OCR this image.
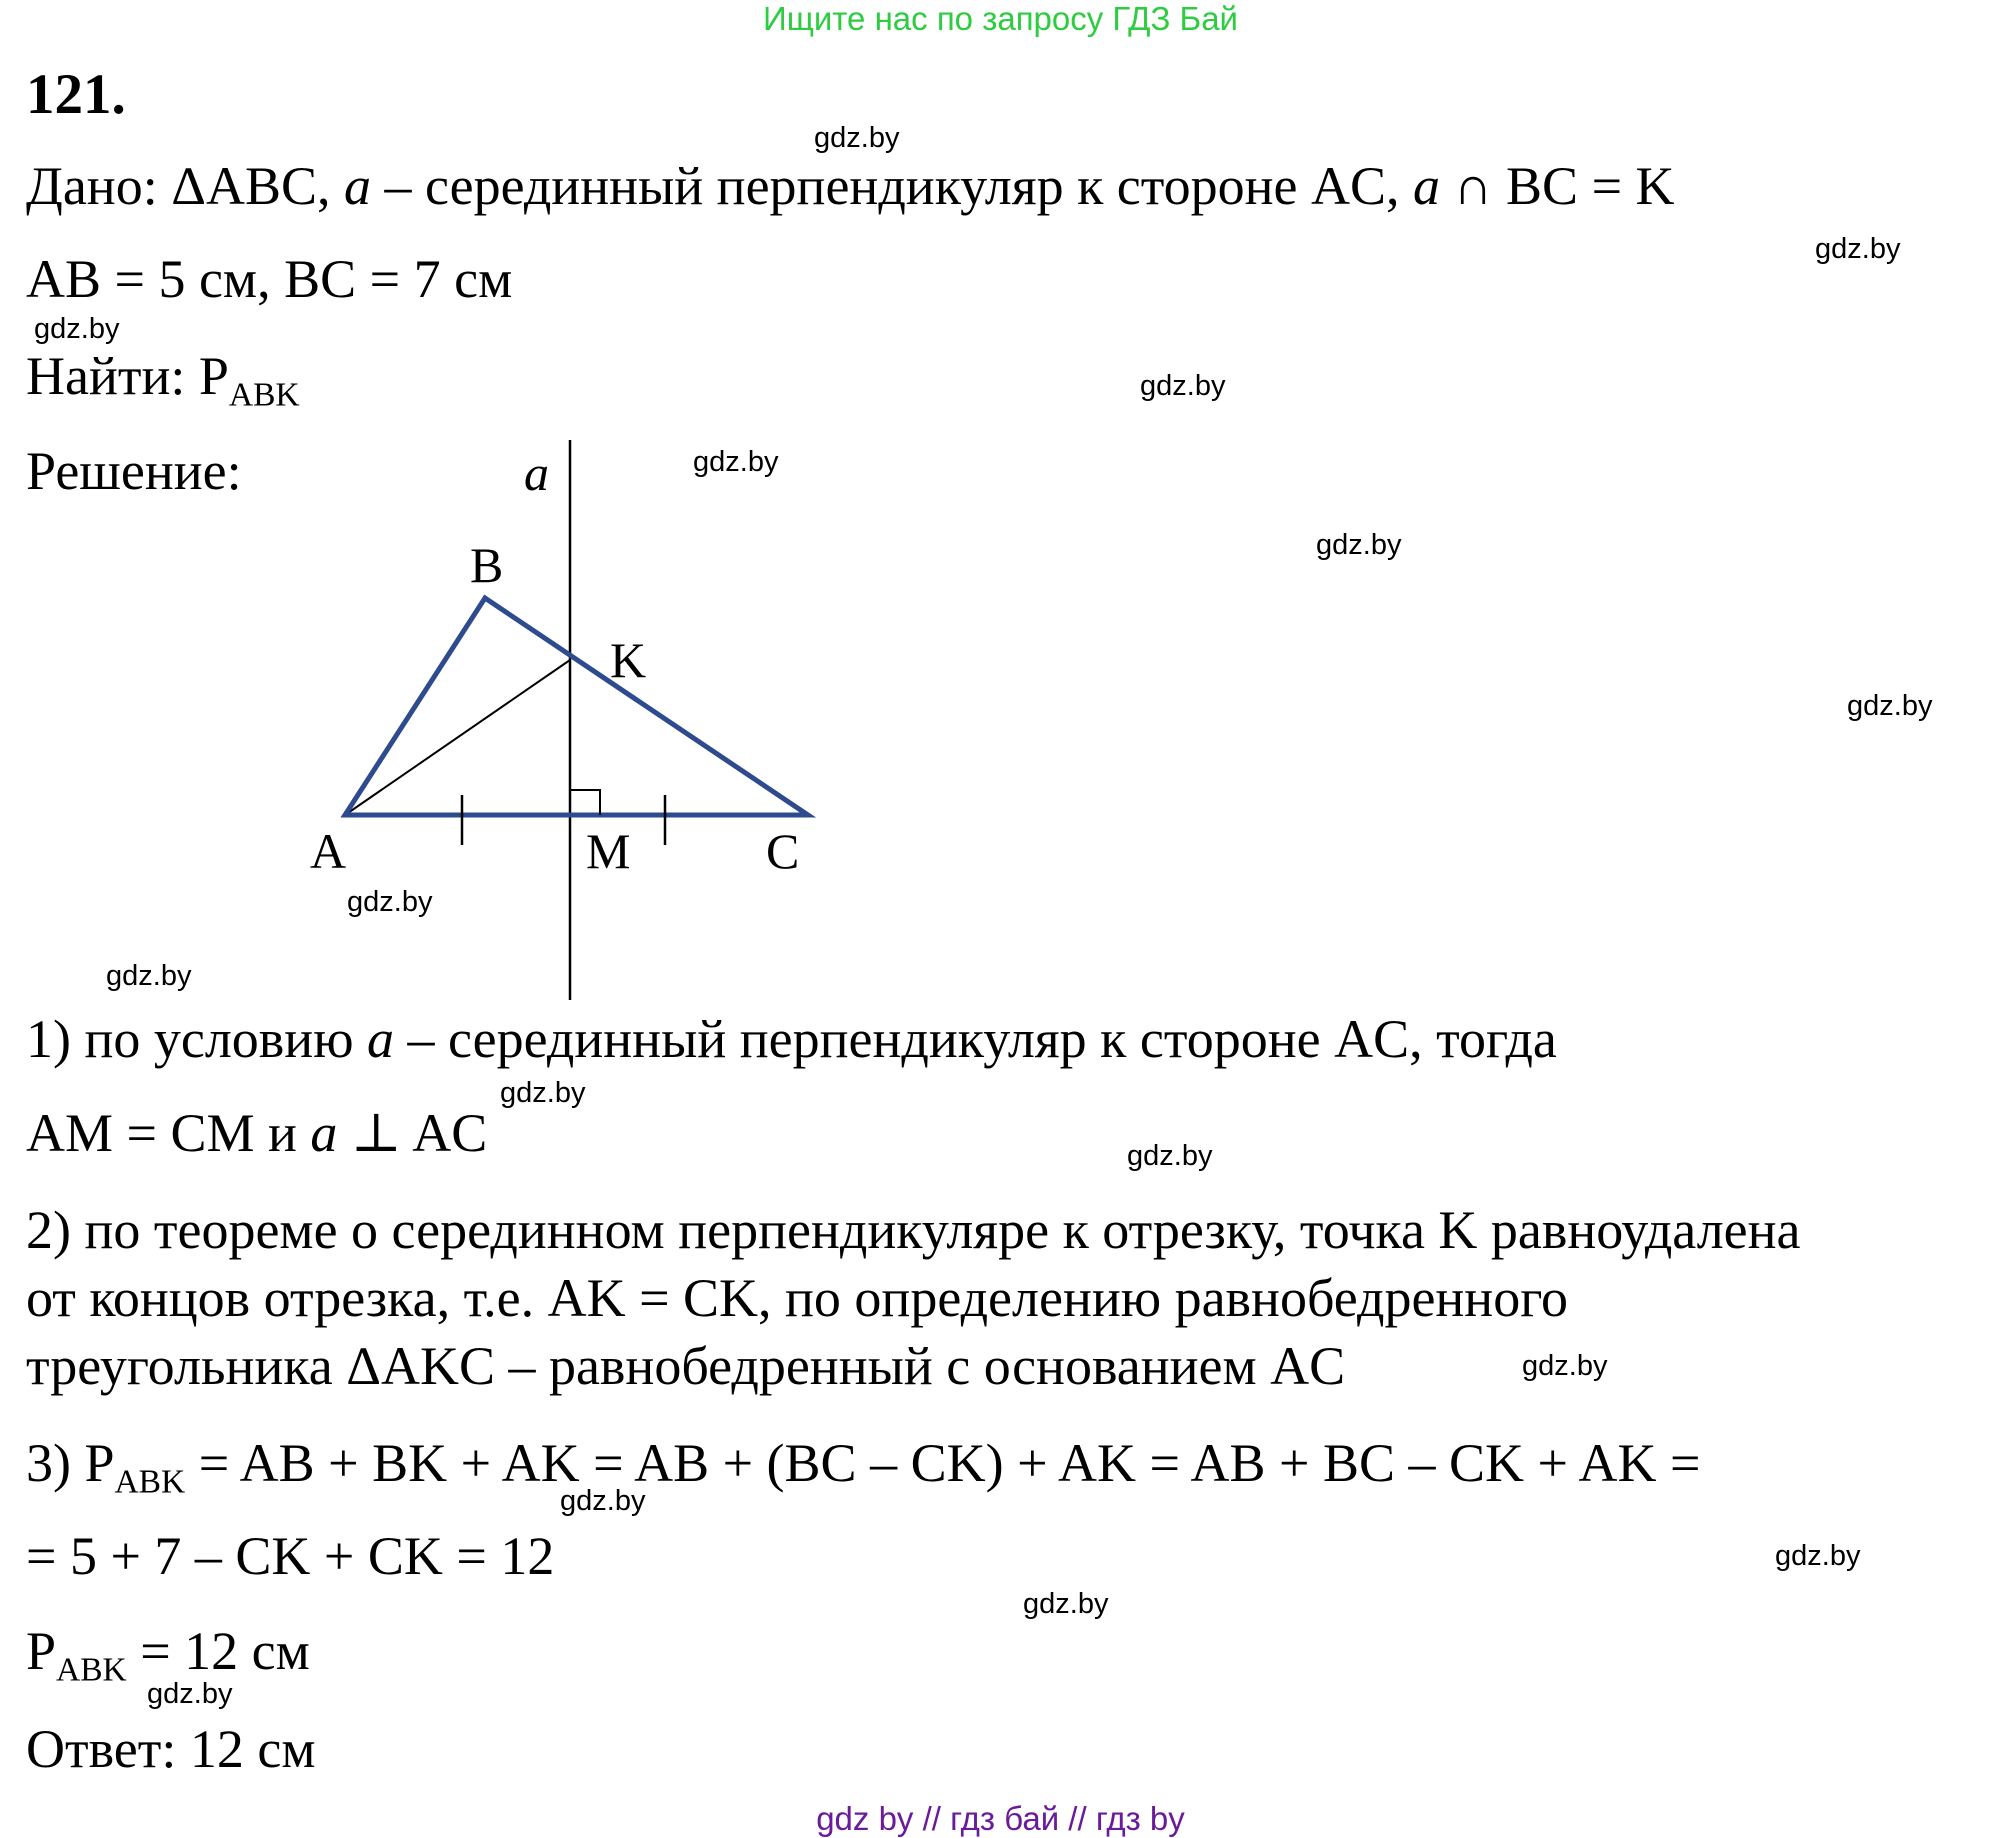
Ищите нас по запросу ГДЗ Бай
121.
Дано: ΔABC, a – серединный перпендикуляр к стороне AC, a ∩ BC = K
AB = 5 см, BC = 7 см
Найти: $P_{ABK}$
Решение:	a
B
K
A	M	C
1) по условию a – серединный перпендикуляр к стороне AC, тогда
AM = CM и a ⊥ AC
2) по теореме о серединном перпендикуляре к отрезку, точка K равноудалена
от концов отрезка, т.е. AK = CK, по определению равнобедренного
треугольника ΔAKC – равнобедренный с основанием AC
3) $P_{ABK}$ = AB + BK + AK = AB + (BC – CK) + AK = AB + BC – CK + AK =
= 5 + 7 – CK + CK = 12
$P_{ABK} = 12$ см
Ответ: 12 см
gdz.by
gdz.by
gdz.by
gdz.by
gdz.by
gdz.by
gdz.by
gdz.by
gdz.by
gdz.by
gdz.by
gdz.by
gdz.by
gdz.by
gdz.by
gdz.by
gdz by // гдз бай // гдз by
